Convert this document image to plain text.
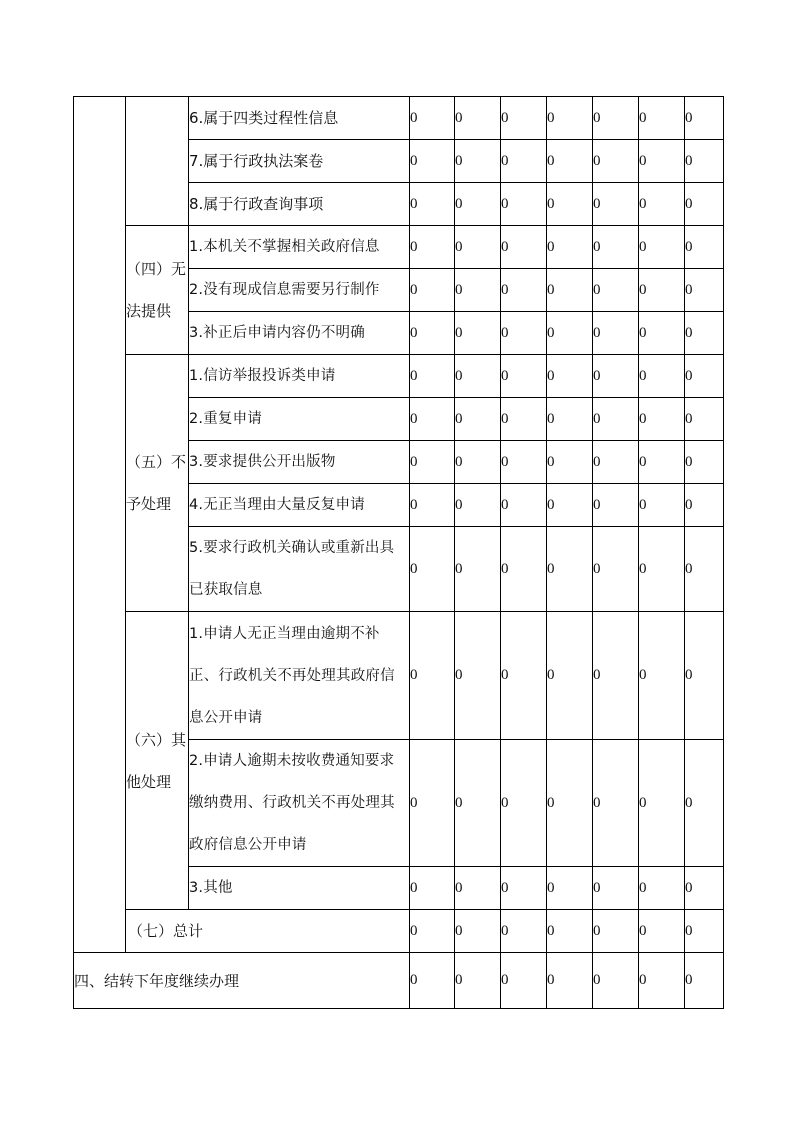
		6.属于四类过程性信息	0	0	0	0	0	0	0
		7.属于行政执法案卷	0	0	0	0	0	0	0
		8.属于行政查询事项	0	0	0	0	0	0	0
	（四）无法提供	1.本机关不掌握相关政府信息	0	0	0	0	0	0	0
		2.没有现成信息需要另行制作	0	0	0	0	0	0	0
		3.补正后申请内容仍不明确	0	0	0	0	0	0	0
	（五）不予处理	1.信访举报投诉类申请	0	0	0	0	0	0	0
		2.重复申请	0	0	0	0	0	0	0
		3.要求提供公开出版物	0	0	0	0	0	0	0
		4.无正当理由大量反复申请	0	0	0	0	0	0	0
		5.要求行政机关确认或重新出具已获取信息	0	0	0	0	0	0	0
	（六）其他处理	1.申请人无正当理由逾期不补正、行政机关不再处理其政府信息公开申请	0	0	0	0	0	0	0
		2.申请人逾期未按收费通知要求缴纳费用、行政机关不再处理其政府信息公开申请	0	0	0	0	0	0	0
		3.其他	0	0	0	0	0	0	0
	（七）总计		0	0	0	0	0	0	0
四、结转下年度继续办理			0	0	0	0	0	0	0
